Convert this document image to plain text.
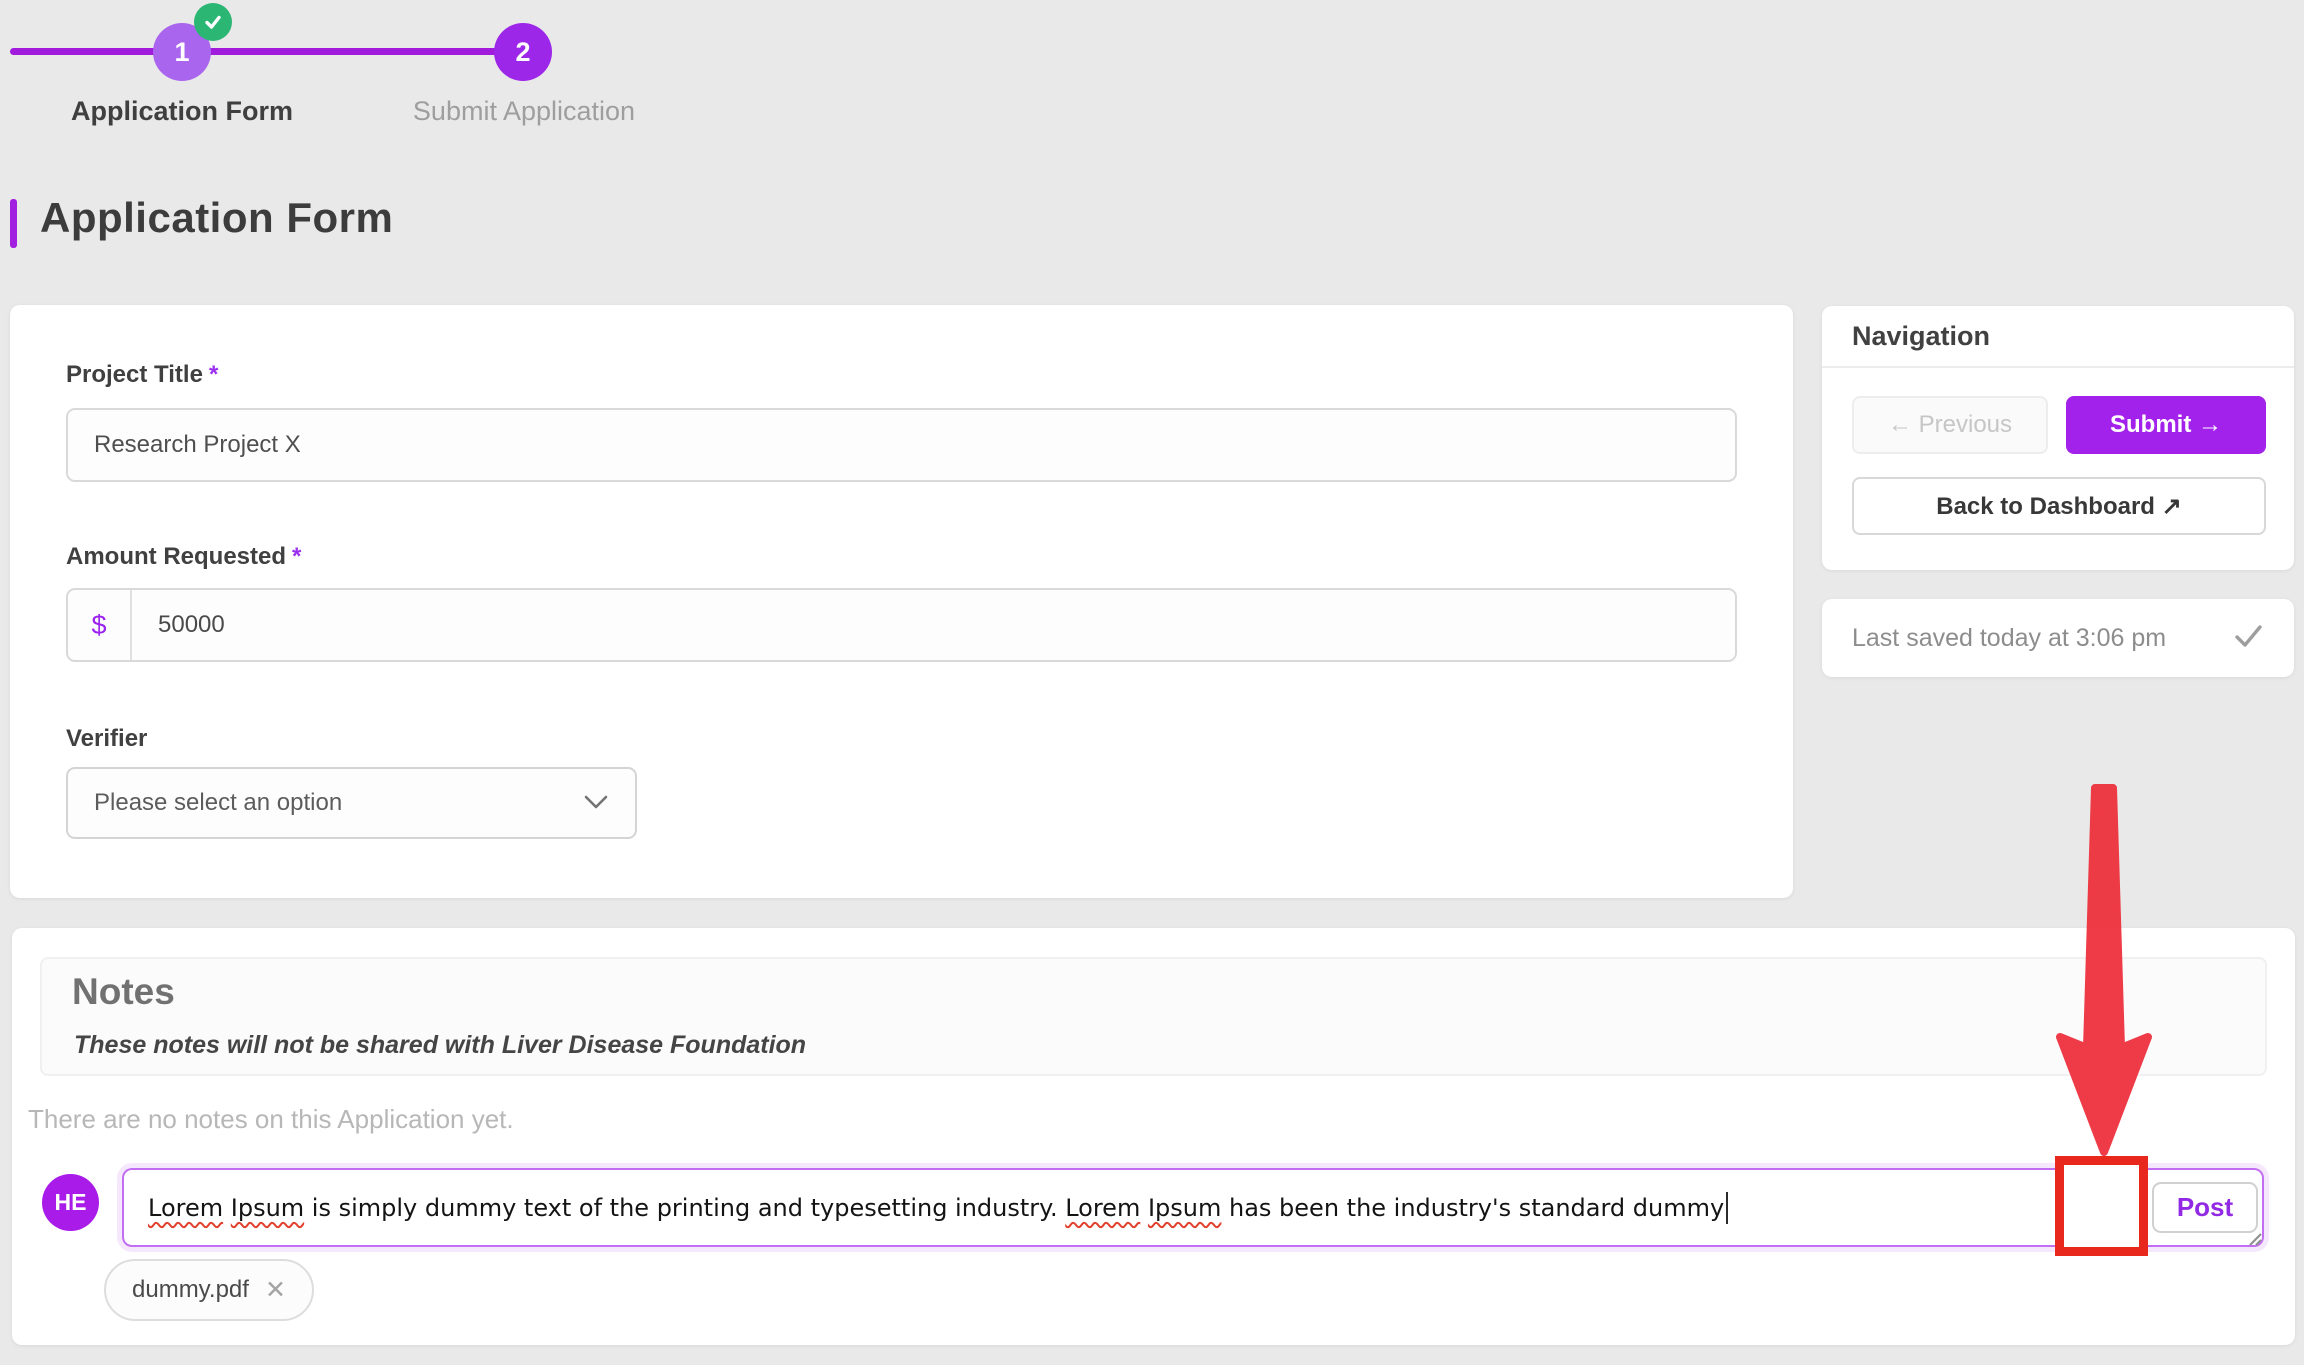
1	2
Application Form	Submit Application
Application Form
Project Title *
Research Project X
Amount Requested *
$
50000
Verifier
Please select an option
Navigation
← Previous	Submit →
Back to Dashboard ↗
Last saved today at 3:06 pm
Notes
These notes will not be shared with Liver Disease Foundation
There are no notes on this Application yet.
HE	Lorem Ipsum is simply dummy text of the printing and typesetting industry. Lorem Ipsum has been the industry's standard dummy	Post
dummy.pdf ✕
